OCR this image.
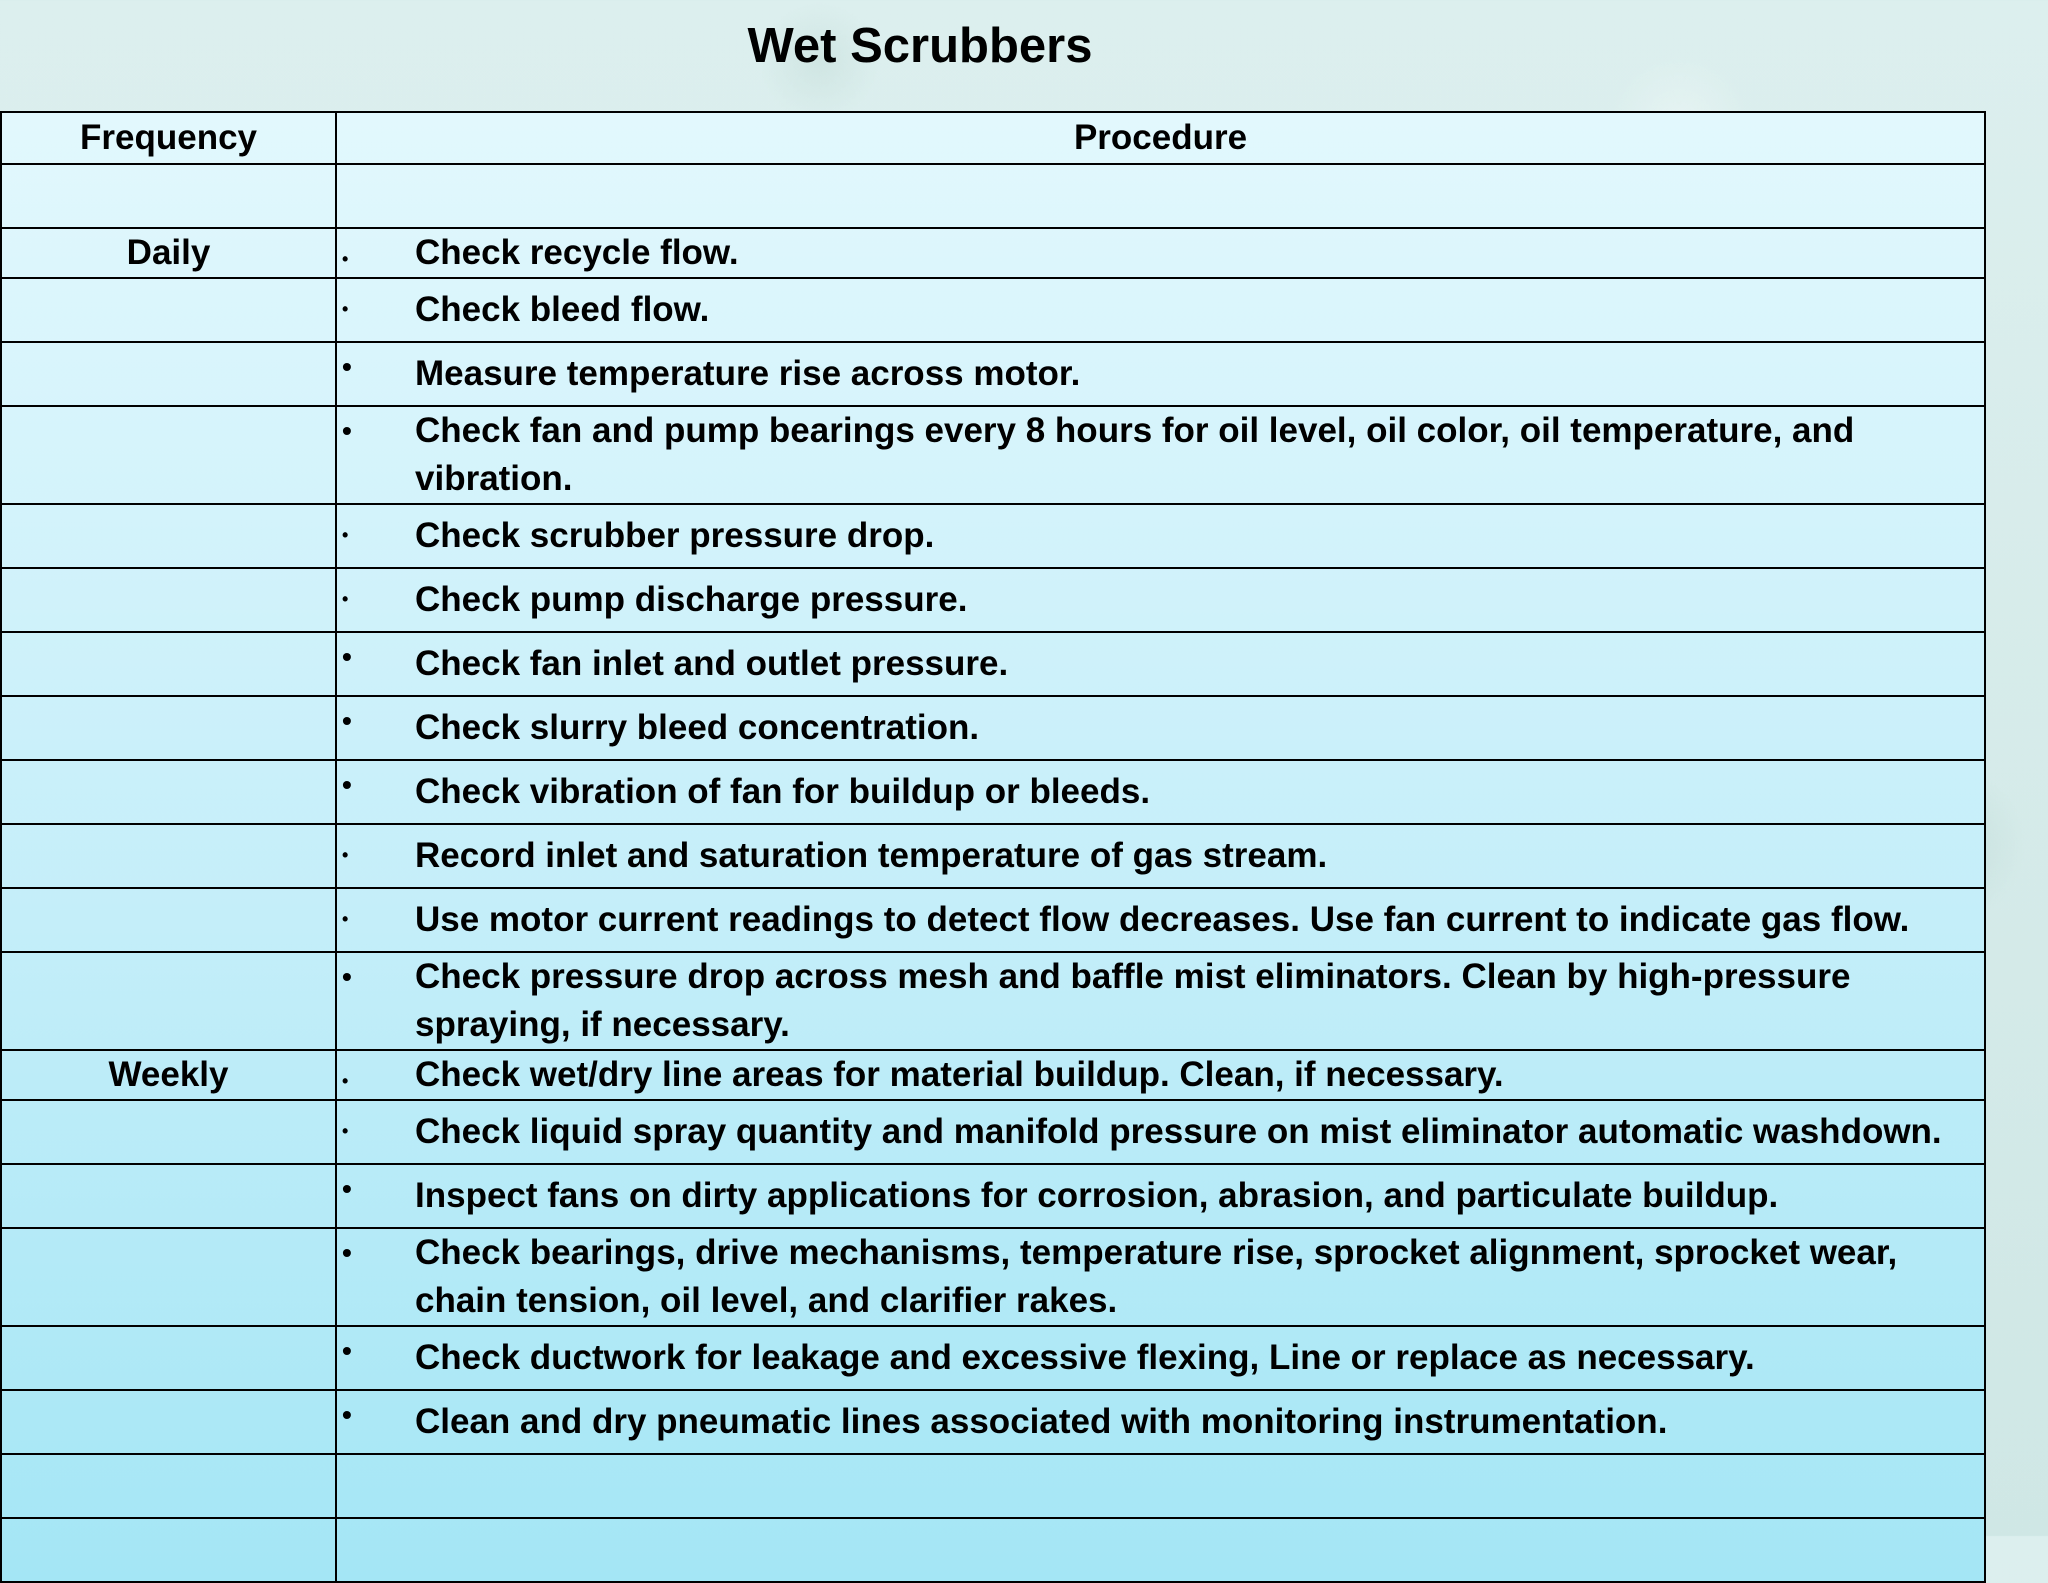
Wet Scrubbers
Frequency	Procedure

Daily	• Check recycle flow.

	• Check bleed flow.

	• Measure temperature rise across motor.

	• Check fan and pump bearings every 8 hours for oil level, oil color, oil temperature, and vibration.

	• Check scrubber pressure drop.

	• Check pump discharge pressure.

	• Check fan inlet and outlet pressure.

	• Check slurry bleed concentration.

	• Check vibration of fan for buildup or bleeds.

	• Record inlet and saturation temperature of gas stream.

	• Use motor current readings to detect flow decreases. Use fan current to indicate gas flow.

	• Check pressure drop across mesh and baffle mist eliminators. Clean by high-pressure spraying, if necessary.

Weekly	• Check wet/dry line areas for material buildup. Clean, if necessary.

	• Check liquid spray quantity and manifold pressure on mist eliminator automatic washdown.

	• Inspect fans on dirty applications for corrosion, abrasion, and particulate buildup.

	• Check bearings, drive mechanisms, temperature rise, sprocket alignment, sprocket wear, chain tension, oil level, and clarifier rakes.

	• Check ductwork for leakage and excessive flexing, Line or replace as necessary.

	• Clean and dry pneumatic lines associated with monitoring instrumentation.
